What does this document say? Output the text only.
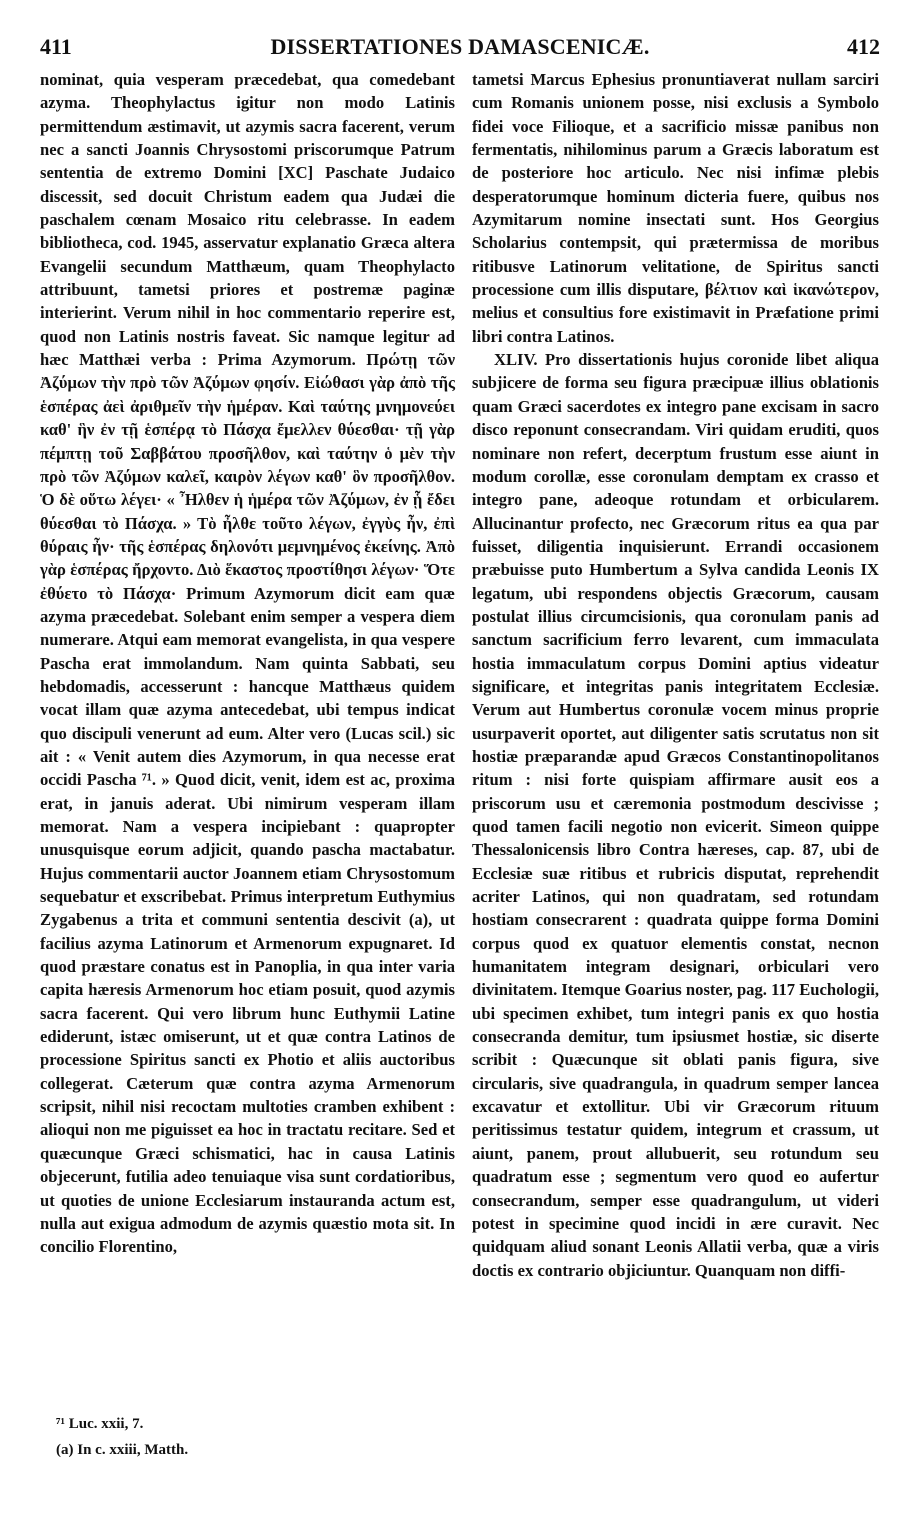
411	DISSERTATIONES DAMASCENICÆ.	412

nominat, quia vesperam præcedebat, qua comedebant azyma. Theophylactus igitur non modo Latinis permittendum æstimavit, ut azymis sacra facerent, verum nec a sancti Joannis Chrysostomi priscorumque Patrum sententia de extremo Domini [XC] Paschate Judaico discessit, sed docuit Christum eadem qua Judæi die paschalem cœnam Mosaico ritu celebrasse. In eadem bibliotheca, cod. 1945, asservatur explanatio Græca altera Evangelii secundum Matthæum, quam Theophylacto attribuunt, tametsi priores et postremæ paginæ interierint. Verum nihil in hoc commentario reperire est, quod non Latinis nostris faveat. Sic namque legitur ad hæc Matthæi verba : Prima Azymorum. Πρώτῃ τῶν Ἀζύμων τὴν πρὸ τῶν Ἀζύμων φησίν. Εἰώθασι γὰρ ἀπὸ τῆς ἑσπέρας ἀεὶ ἀριθμεῖν τὴν ἡμέραν. Καὶ ταύτης μνημονεύει καθ' ἣν ἐν τῇ ἑσπέρᾳ τὸ Πάσχα ἔμελλεν θύεσθαι· τῇ γὰρ πέμπτῃ τοῦ Σαββάτου προσῆλθον, καὶ ταύτην ὁ μὲν τὴν πρὸ τῶν Ἀζύμων καλεῖ, καιρὸν λέγων καθ' ὃν προσῆλθον. Ὁ δὲ οὕτω λέγει· « Ἦλθεν ἡ ἡμέρα τῶν Ἀζύμων, ἐν ᾗ ἔδει θύεσθαι τὸ Πάσχα. » Τὸ ἦλθε τοῦτο λέγων, ἐγγὺς ἦν, ἐπὶ θύραις ἦν· τῆς ἑσπέρας δηλονότι μεμνημένος ἐκείνης. Ἀπὸ γὰρ ἑσπέρας ἤρχοντο. Διὸ ἕκαστος προστίθησι λέγων· Ὅτε ἐθύετο τὸ Πάσχα· Primum Azymorum dicit eam quæ azyma præcedebat. Solebant enim semper a vespera diem numerare. Atqui eam memorat evangelista, in qua vespere Pascha erat immolandum. Nam quinta Sabbati, seu hebdomadis, accesserunt : hancque Matthæus quidem vocat illam quæ azyma antecedebat, ubi tempus indicat quo discipuli venerunt ad eum. Alter vero (Lucas scil.) sic ait : « Venit autem dies Azymorum, in qua necesse erat occidi Pascha ⁷¹. » Quod dicit, venit, idem est ac, proxima erat, in januis aderat. Ubi nimirum vesperam illam memorat. Nam a vespera incipiebant : quapropter unusquisque eorum adjicit, quando pascha mactabatur. Hujus commentarii auctor Joannem etiam Chrysostomum sequebatur et exscribebat. Primus interpretum Euthymius Zygabenus a trita et communi sententia descivit (a), ut facilius azyma Latinorum et Armenorum expugnaret. Id quod præstare conatus est in Panoplia, in qua inter varia capita hæresis Armenorum hoc etiam posuit, quod azymis sacra facerent. Qui vero librum hunc Euthymii Latine ediderunt, istæc omiserunt, ut et quæ contra Latinos de processione Spiritus sancti ex Photio et aliis auctoribus collegerat. Cæterum quæ contra azyma Armenorum scripsit, nihil nisi recoctam multoties cramben exhibent : alioqui non me piguisset ea hoc in tractatu recitare. Sed et quæcunque Græci schismatici, hac in causa Latinis objecerunt, futilia adeo tenuiaque visa sunt cordatioribus, ut quoties de unione Ecclesiarum instauranda actum est, nulla aut exigua admodum de azymis quæstio mota sit. In concilio Florentino,

tametsi Marcus Ephesius pronuntiaverat nullam sarciri cum Romanis unionem posse, nisi exclusis a Symbolo fidei voce Filioque, et a sacrificio missæ panibus non fermentatis, nihilominus parum a Græcis laboratum est de posteriore hoc articulo. Nec nisi infimæ plebis desperatorumque hominum dicteria fuere, quibus nos Azymitarum nomine insectati sunt. Hos Georgius Scholarius contempsit, qui prætermissa de moribus ritibusve Latinorum velitatione, de Spiritus sancti processione cum illis disputare, βέλτιον καὶ ἱκανώτερον, melius et consultius fore existimavit in Præfatione primi libri contra Latinos.

XLIV. Pro dissertationis hujus coronide libet aliqua subjicere de forma seu figura præcipuæ illius oblationis quam Græci sacerdotes ex integro pane excisam in sacro disco reponunt consecrandam. Viri quidam eruditi, quos nominare non refert, decerptum frustum esse aiunt in modum corollæ, esse coronulam demptam ex crasso et integro pane, adeoque rotundam et orbicularem. Allucinantur profecto, nec Græcorum ritus ea qua par fuisset, diligentia inquisierunt. Errandi occasionem præbuisse puto Humbertum a Sylva candida Leonis IX legatum, ubi respondens objectis Græcorum, causam postulat illius circumcisionis, qua coronulam panis ad sanctum sacrificium ferro levarent, cum immaculata hostia immaculatum corpus Domini aptius videatur significare, et integritas panis integritatem Ecclesiæ. Verum aut Humbertus coronulæ vocem minus proprie usurpaverit oportet, aut diligenter satis scrutatus non sit hostiæ præparandæ apud Græcos Constantinopolitanos ritum : nisi forte quispiam affirmare ausit eos a priscorum usu et cæremonia postmodum descivisse ; quod tamen facili negotio non evicerit. Simeon quippe Thessalonicensis libro Contra hæreses, cap. 87, ubi de Ecclesiæ suæ ritibus et rubricis disputat, reprehendit acriter Latinos, qui non quadratam, sed rotundam hostiam consecrarent : quadrata quippe forma Domini corpus quod ex quatuor elementis constat, necnon humanitatem integram designari, orbiculari vero divinitatem. Itemque Goarius noster, pag. 117 Euchologii, ubi specimen exhibet, tum integri panis ex quo hostia consecranda demitur, tum ipsiusmet hostiæ, sic diserte scribit : Quæcunque sit oblati panis figura, sive circularis, sive quadrangula, in quadrum semper lancea excavatur et extollitur. Ubi vir Græcorum rituum peritissimus testatur quidem, integrum et crassum, ut aiunt, panem, prout allubuerit, seu rotundum seu quadratum esse ; segmentum vero quod eo aufertur consecrandum, semper esse quadrangulum, ut videri potest in specimine quod incidi in ære curavit. Nec quidquam aliud sonant Leonis Allatii verba, quæ a viris doctis ex contrario objiciuntur. Quanquam non diffi-

⁷¹ Luc. xxii, 7.
(a) In c. xxiii, Matth.
